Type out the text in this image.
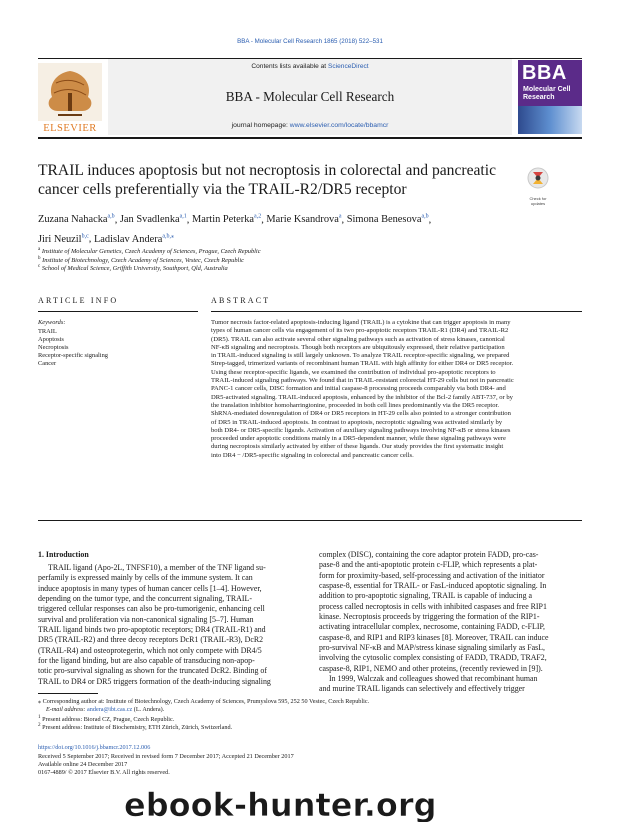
BBA - Molecular Cell Research 1865 (2018) 522–531
ELSEVIER
Contents lists available at ScienceDirect
BBA - Molecular Cell Research
journal homepage: www.elsevier.com/locate/bbamcr
BBA
Molecular Cell Research
TRAIL induces apoptosis but not necroptosis in colorectal and pancreatic
cancer cells preferentially via the TRAIL-R2/DR5 receptor
Check for updates
Zuzana Nahacka$^{a,b}$, Jan Svadlenka$^{a,1}$, Martin Peterka$^{a,2}$, Marie Ksandrova$^a$, Simona Benesova$^{a,b}$,
Jiri Neuzil$^{b,c}$, Ladislav Andera$^{a,b,⁎}$
$^a$ Institute of Molecular Genetics, Czech Academy of Sciences, Prague, Czech Republic
$^b$ Institute of Biotechnology, Czech Academy of Sciences, Vestec, Czech Republic
$^c$ School of Medical Science, Griffith University, Southport, Qld, Australia
ARTICLE INFO	ABSTRACT
Keywords:
TRAIL
Apoptosis
Necroptosis
Receptor-specific signaling
Cancer
Tumor necrosis factor-related apoptosis-inducing ligand (TRAIL) is a cytokine that can trigger apoptosis in many
types of human cancer cells via engagement of its two pro-apoptotic receptors TRAIL-R1 (DR4) and TRAIL-R2
(DR5). TRAIL can also activate several other signaling pathways such as activation of stress kinases, canonical
NF-κB signaling and necroptosis. Though both receptors are ubiquitously expressed, their relative participation
in TRAIL-induced signaling is still largely unknown. To analyze TRAIL receptor-specific signaling, we prepared
Strep-tagged, trimerized variants of recombinant human TRAIL with high affinity for either DR4 or DR5 receptor.
Using these receptor-specific ligands, we examined the contribution of individual pro-apoptotic receptors to
TRAIL-induced signaling pathways. We found that in TRAIL-resistant colorectal HT-29 cells but not in pancreatic
PANC-1 cancer cells, DISC formation and initial caspase-8 processing proceeds comparably via both DR4- and
DR5-activated signaling. TRAIL-induced apoptosis, enhanced by the inhibitor of the Bcl-2 family ABT-737, or by
the translation inhibitor homoharringtonine, proceeded in both cell lines predominantly via the DR5 receptor.
ShRNA-mediated downregulation of DR4 or DR5 receptors in HT-29 cells also pointed to a stronger contribution
of DR5 in TRAIL-induced apoptosis. In contrast to apoptosis, necroptotic signaling was activated similarly by
both DR4- or DR5-specific ligands. Activation of auxiliary signaling pathways involving NF-κB or stress kinases
proceeded under apoptotic conditions mainly in a DR5-dependent manner, while these signaling pathways were
during necroptosis similarly activated by either of these ligands. Our study provides the first systematic insight
into DR4 − /DR5-specific signaling in colorectal and pancreatic cancer cells.
1. Introduction
TRAIL ligand (Apo-2L, TNFSF10), a member of the TNF ligand su-
perfamily is expressed mainly by cells of the immune system. It can
induce apoptosis in many types of human cancer cells [1–4]. However,
depending on the tumor type, and the concurrent signaling, TRAIL-
triggered cellular responses can also be pro-tumorigenic, enhancing cell
survival and proliferation via non-canonical signaling [5–7]. Human
TRAIL ligand binds two pro-apoptotic receptors; DR4 (TRAIL-R1) and
DR5 (TRAIL-R2) and three decoy receptors DcR1 (TRAIL-R3), DcR2
(TRAIL-R4) and osteoprotegerin, which not only compete with DR4/5
for the ligand binding, but are also capable of transducing non-apop-
totic pro-survival signaling as shown for the truncated DcR2. Binding of
TRAIL to DR4 or DR5 triggers formation of the death-inducing signaling
complex (DISC), containing the core adaptor protein FADD, pro-cas-
pase-8 and the anti-apoptotic protein c-FLIP, which represents a plat-
form for proximity-based, self-processing and activation of the initiator
caspase-8, essential for TRAIL- or FasL-induced apoptotic signaling. In
addition to pro-apoptotic signaling, TRAIL is capable of inducing a
process called necroptosis in cells with inhibited caspases and free RIP1
kinase. Necroptosis proceeds by triggering the formation of the RIP1-
activating intracellular complex, necrosome, containing FADD, c-FLIP,
caspase-8, and RIP1 and RIP3 kinases [8]. Moreover, TRAIL can induce
pro-survival NF-κB and MAP/stress kinase signaling similarly as FasL,
involving the cytosolic complex consisting of FADD, TRADD, TRAF2,
caspase-8, RIP1, NEMO and other proteins, (recently reviewed in [9]).
In 1999, Walczak and colleagues showed that recombinant human
and murine TRAIL ligands can selectively and effectively trigger
⁎ Corresponding author at: Institute of Biotechnology, Czech Academy of Sciences, Prumyslova 595, 252 50 Vestec, Czech Republic.
E-mail address: andera@ibt.cas.cz (L. Andera).
$^1$ Present address: Biorad CZ, Prague, Czech Republic.
$^2$ Present address: Institute of Biochemistry, ETH Zürich, Zürich, Switzerland.
https://doi.org/10.1016/j.bbamcr.2017.12.006
Received 5 September 2017; Received in revised form 7 December 2017; Accepted 21 December 2017
Available online 24 December 2017
0167-4889/ © 2017 Elsevier B.V. All rights reserved.
ebook-hunter.org
